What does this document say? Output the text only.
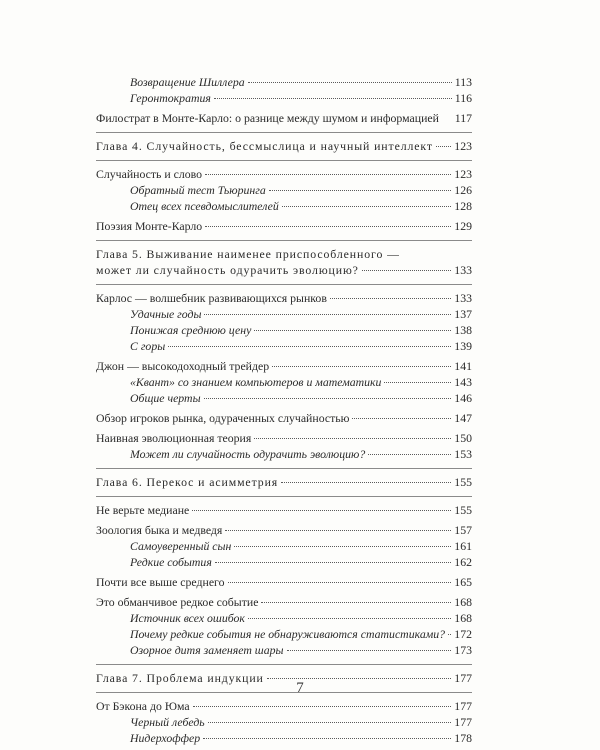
Возвращение Шиллера	113
Геронтократия	116
Филострат в Монте-Карло: о разнице между шумом и информацией 117
Глава 4. Случайность, бессмыслица и научный интеллект 123
Случайность и слово	123
Обратный тест Тьюринга	126
Отец всех псевдомыслителей	128
Поэзия Монте-Карло	129
Глава 5. Выживание наименее приспособленного —
может ли случайность одурачить эволюцию?	133
Карлос — волшебник развивающихся рынков	133
Удачные годы	137
Понижая среднюю цену	138
С горы	139
Джон — высокодоходный трейдер	141
«Квант» со знанием компьютеров и математики	143
Общие черты	146
Обзор игроков рынка, одураченных случайностью	147
Наивная эволюционная теория	150
Может ли случайность одурачить эволюцию?	153
Глава 6. Перекос и асимметрия	155
Не верьте медиане	155
Зоология быка и медведя	157
Самоуверенный сын	161
Редкие события	162
Почти все выше среднего	165
Это обманчивое редкое событие	168
Источник всех ошибок	168
Почему редкие события не обнаруживаются статистиками? 172
Озорное дитя заменяет шары	173
Глава 7. Проблема индукции	177
От Бэкона до Юма	177
Черный лебедь	177
Нидерхоффер	178
7
